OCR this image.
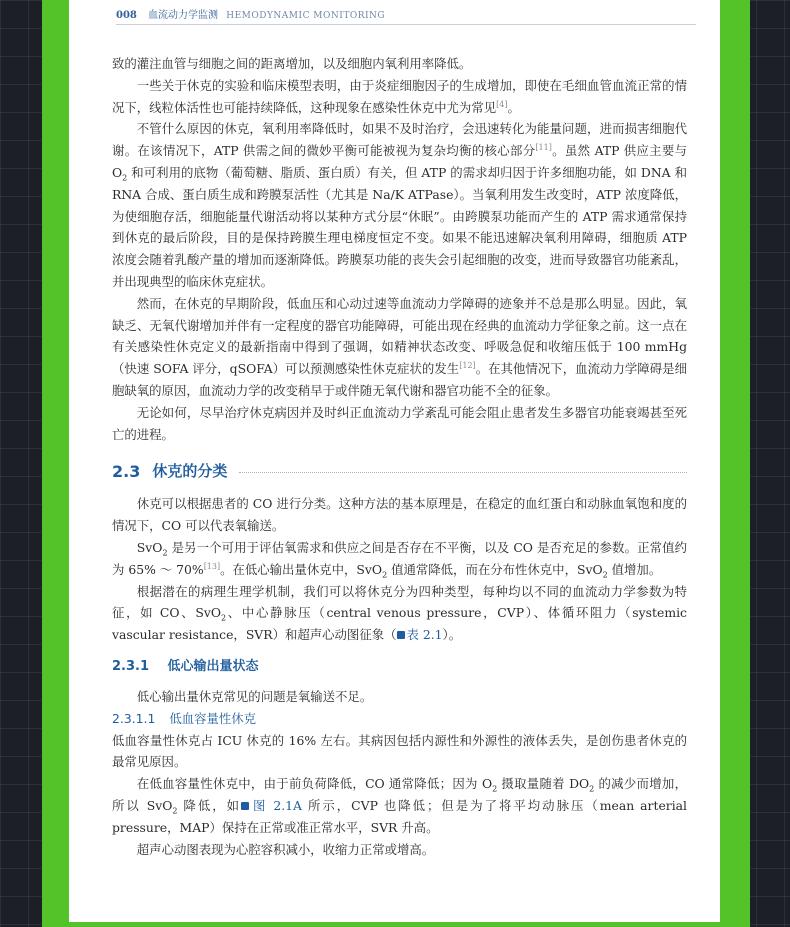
008 血流动力学监测 HEMODYNAMIC MONITORING

致的灌注血管与细胞之间的距离增加，以及细胞内氧利用率降低。

一些关于休克的实验和临床模型表明，由于炎症细胞因子的生成增加，即使在毛细血管血流正常的情况下，线粒体活性也可能持续降低，这种现象在感染性休克中尤为常见[4]。

不管什么原因的休克，氧利用率降低时，如果不及时治疗，会迅速转化为能量问题，进而损害细胞代谢。在该情况下，ATP 供需之间的微妙平衡可能被视为复杂均衡的核心部分[11]。虽然 ATP 供应主要与 $O_2$ 和可利用的底物（葡萄糖、脂质、蛋白质）有关，但 ATP 的需求却归因于许多细胞功能，如 DNA 和 RNA 合成、蛋白质生成和跨膜泵活性（尤其是 Na/K ATPase）。当氧利用发生改变时，ATP 浓度降低，为使细胞存活，细胞能量代谢活动将以某种方式分层“休眠”。由跨膜泵功能而产生的 ATP 需求通常保持到休克的最后阶段，目的是保持跨膜生理电梯度恒定不变。如果不能迅速解决氧利用障碍，细胞质 ATP 浓度会随着乳酸产量的增加而逐渐降低。跨膜泵功能的丧失会引起细胞的改变，进而导致器官功能紊乱，并出现典型的临床休克症状。

然而，在休克的早期阶段，低血压和心动过速等血流动力学障碍的迹象并不总是那么明显。因此，氧缺乏、无氧代谢增加并伴有一定程度的器官功能障碍，可能出现在经典的血流动力学征象之前。这一点在有关感染性休克定义的最新指南中得到了强调，如精神状态改变、呼吸急促和收缩压低于 100 mmHg（快速 SOFA 评分，qSOFA）可以预测感染性休克症状的发生[12]。在其他情况下，血流动力学障碍是细胞缺氧的原因，血流动力学的改变稍早于或伴随无氧代谢和器官功能不全的征象。

无论如何，尽早治疗休克病因并及时纠正血流动力学紊乱可能会阻止患者发生多器官功能衰竭甚至死亡的进程。

2.3 休克的分类

休克可以根据患者的 CO 进行分类。这种方法的基本原理是，在稳定的血红蛋白和动脉血氧饱和度的情况下，CO 可以代表氧输送。

SvO$_2$ 是另一个可用于评估氧需求和供应之间是否存在不平衡，以及 CO 是否充足的参数。正常值约为 65% ～ 70%[13]。在低心输出量休克中，SvO$_2$ 值通常降低，而在分布性休克中，SvO$_2$ 值增加。

根据潜在的病理生理学机制，我们可以将休克分为四种类型，每种均以不同的血流动力学参数为特征，如 CO、SvO$_2$、中心静脉压（central venous pressure，CVP）、体循环阻力（systemic vascular resistance，SVR）和超声心动图征象（ 表 2.1）。

2.3.1 低心输出量状态

低心输出量休克常见的问题是氧输送不足。

2.3.1.1 低血容量性休克

低血容量性休克占 ICU 休克的 16% 左右。其病因包括内源性和外源性的液体丢失，是创伤患者休克的最常见原因。

在低血容量性休克中，由于前负荷降低，CO 通常降低；因为 $O_2$ 摄取量随着 $DO_2$ 的减少而增加，所以 SvO$_2$ 降低，如 图 2.1A 所示，CVP 也降低；但是为了将平均动脉压（mean arterial pressure，MAP）保持在正常或准正常水平，SVR 升高。

超声心动图表现为心腔容积减小，收缩力正常或增高。
